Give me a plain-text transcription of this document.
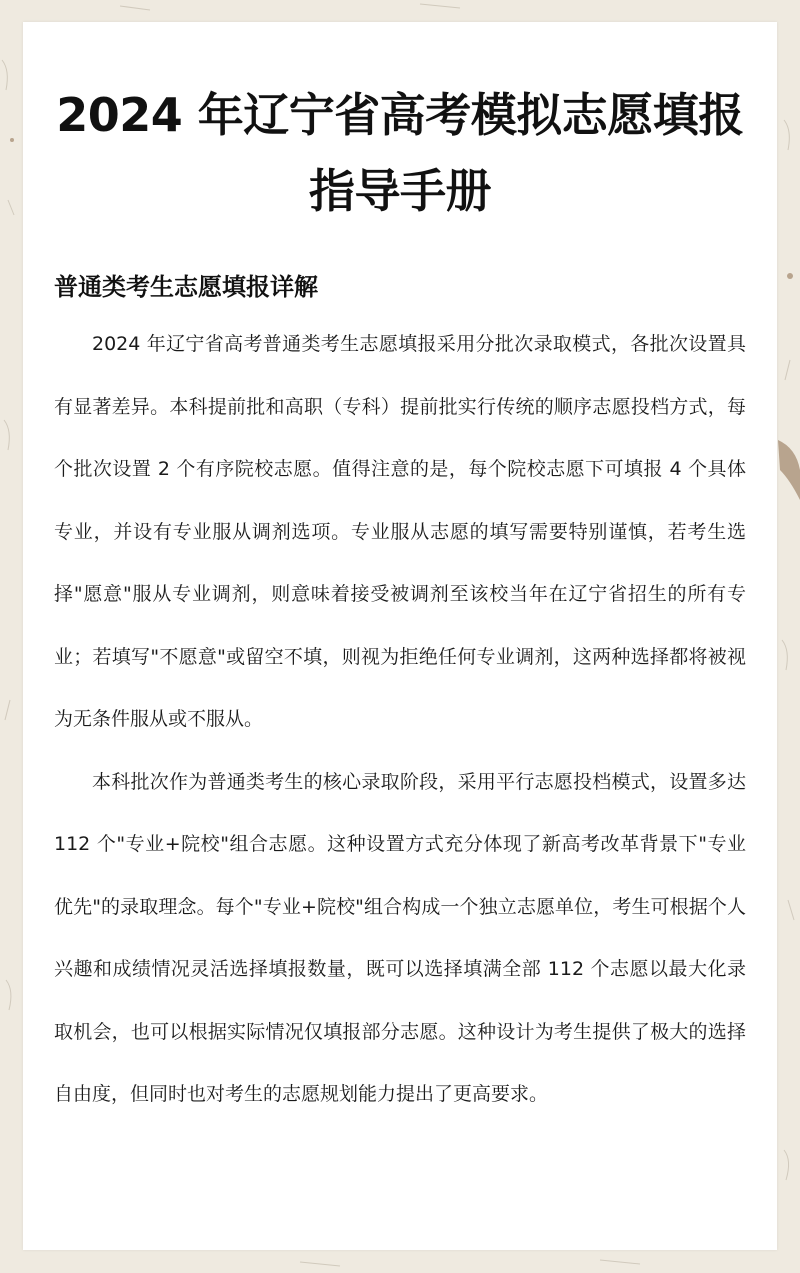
2024 年辽宁省高考模拟志愿填报指导手册
普通类考生志愿填报详解

2024 年辽宁省高考普通类考生志愿填报采用分批次录取模式，各批次设置具有显著差异。本科提前批和高职（专科）提前批实行传统的顺序志愿投档方式，每个批次设置 2 个有序院校志愿。值得注意的是，每个院校志愿下可填报 4 个具体专业，并设有专业服从调剂选项。专业服从志愿的填写需要特别谨慎，若考生选择"愿意"服从专业调剂，则意味着接受被调剂至该校当年在辽宁省招生的所有专业；若填写"不愿意"或留空不填，则视为拒绝任何专业调剂，这两种选择都将被视为无条件服从或不服从。

本科批次作为普通类考生的核心录取阶段，采用平行志愿投档模式，设置多达 112 个"专业+院校"组合志愿。这种设置方式充分体现了新高考改革背景下"专业优先"的录取理念。每个"专业+院校"组合构成一个独立志愿单位，考生可根据个人兴趣和成绩情况灵活选择填报数量，既可以选择填满全部 112 个志愿以最大化录取机会，也可以根据实际情况仅填报部分志愿。这种设计为考生提供了极大的选择自由度，但同时也对考生的志愿规划能力提出了更高要求。
